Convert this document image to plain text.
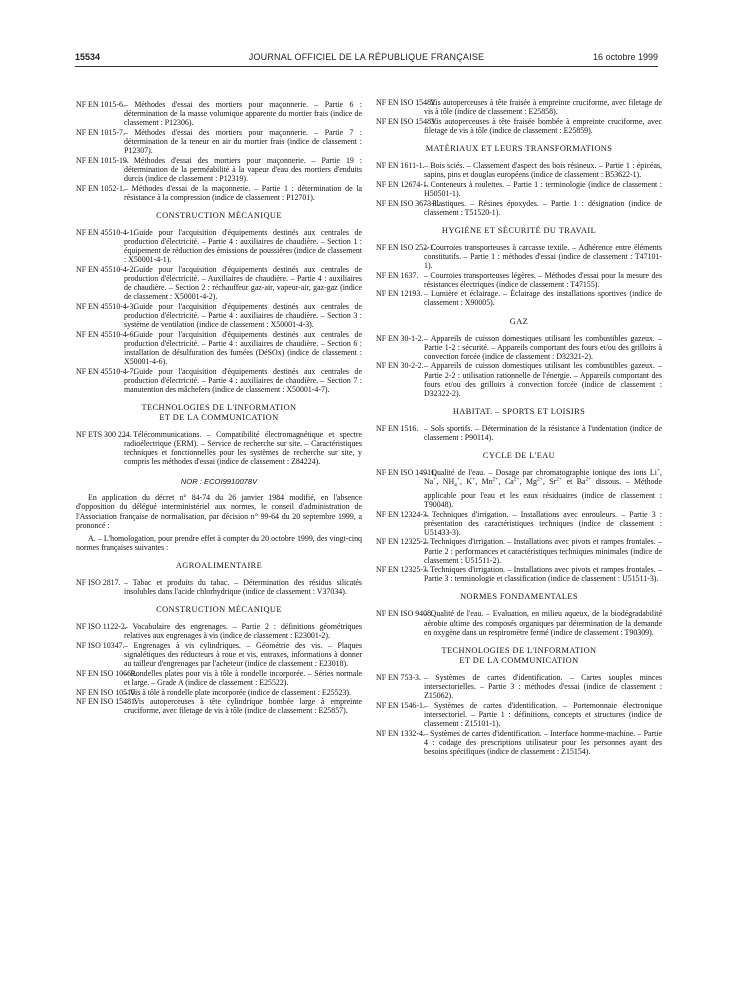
15534	JOURNAL OFFICIEL DE LA RÉPUBLIQUE FRANÇAISE	16 octobre 1999
NF EN 1015-6. – Méthodes d'essai des mortiers pour maçonnerie. – Partie 6 : détermination de la masse volumique apparente du mortier frais (indice de classement : P12306).
NF EN 1015-7. – Méthodes d'essai des mortiers pour maçonnerie. – Partie 7 : détermination de la teneur en air du mortier frais (indice de classement : P12307).
NF EN 1015-19.
– Méthodes d'essai des mortiers pour maçonnerie. – Partie 19 : détermination de la perméabilité à la vapeur d'eau des mortiers d'enduits durcis (indice de classement : P12319).
NF EN 1052-1. – Méthodes d'essai de la maçonnerie. – Partie 1 : détermination de la résistance à la compression (indice de classement : P12701).
CONSTRUCTION MÉCANIQUE
NF EN 45510-4-1.
– Guide pour l'acquisition d'équipements destinés aux centrales de production d'électricité. – Partie 4 : auxiliaires de chaudière. – Section 1 : équipement de réduction des émissions de poussières (indice de classement : X50001-4-1).
NF EN 45510-4-2.
– Guide pour l'acquisition d'équipements destinés aux centrales de production d'électricité. – Auxiliaires de chaudière. – Partie 4 : auxiliaires de chaudière. – Section 2 : réchauffeur gaz-air, vapeur-air, gaz-gaz (indice de classement : X50001-4-2).
NF EN 45510-4-3.
– Guide pour l'acquisition d'équipements destinés aux centrales de production d'électricité. – Partie 4 : auxiliaires de chaudière. – Section 3 : système de ventilation (indice de classement : X50001-4-3).
NF EN 45510-4-6.
– Guide pour l'acquisition d'équipements destinés aux centrales de production d'électricité. – Partie 4 : auxiliaires de chaudière. – Section 6 : installation de désulfuration des fumées (DéSOx) (indice de classement : X50001-4-6).
NF EN 45510-4-7.
– Guide pour l'acquisition d'équipements destinés aux centrales de production d'électricité. – Partie 4 : auxiliaires de chaudière. – Section 7 : manutention des mâchefers (indice de classement : X50001-4-7).
TECHNOLOGIES DE L'INFORMATION
ET DE LA COMMUNICATION
NF ETS 300 224.
– Télécommunications. – Compatibilité électromagnétique et spectre radioélectrique (ERM). – Service de recherche sur site. – Caractéristiques techniques et fonctionnelles pour les systèmes de recherche sur site, y compris les méthodes d'essai (indice de classement : Z84224).
NOR : ECOI9910078V

En application du décret n° 84-74 du 26 janvier 1984 modifié, en l'absence d'opposition du délégué interministériel aux normes, le conseil d'administration de l'Association française de normalisation, par décision n° 99-64 du 20 septembre 1999, a prononcé :

A. – L'homologation, pour prendre effet à compter du 20 octobre 1999, des vingt-cinq normes françaises suivantes :

AGROALIMENTAIRE
NF ISO 2817. – Tabac et produits du tabac. – Détermination des résidus silicatés insolubles dans l'acide chlorhydrique (indice de classement : V37034).
CONSTRUCTION MÉCANIQUE
NF ISO 1122-2.
– Vocabulaire des engrenages. – Partie 2 : définitions géométriques relatives aux engrenages à vis (indice de classement : E23001-2).
NF ISO 10347. – Engrenages à vis cylindriques. – Géométrie des vis. – Plaques signalétiques des réducteurs à roue et vis, entraxes, informations à donner au tailleur d'engrenages par l'acheteur (indice de classement : E23018).
NF EN ISO 10669.
– Rondelles plates pour vis à tôle à rondelle incorporée. – Séries normale et large. – Grade A (indice de classement : E25522).
NF EN ISO 10510.
– Vis à tôle à rondelle plate incorporée (indice de classement : E25523).
NF EN ISO 15481.
– Vis autoperceuses à tête cylindrique bombée large à empreinte cruciforme, avec filetage de vis à tôle (indice de classement : E25857).
NF EN ISO 15482.
– Vis autoperceuses à tête fraisée à empreinte cruciforme, avec filetage de vis à tôle (indice de classement : E25858).
NF EN ISO 15483.
– Vis autoperceuses à tête fraisée bombée à empreinte cruciforme, avec filetage de vis à tôle (indice de classement : E25859).
MATÉRIAUX ET LEURS TRANSFORMATIONS
NF EN 1611-1. – Bois sciés. – Classement d'aspect des bois résineux. – Partie 1 : épicéas, sapins, pins et douglas européens (indice de classement : B53622-1).
NF EN 12674-1.
– Conteneurs à roulettes. – Partie 1 : terminologie (indice de classement : H50501-1).
NF EN ISO 3673-1.
– Plastiques. – Résines époxydes. – Partie 1 : désignation (indice de classement : T51520-1).
HYGIÈNE ET SÉCURITÉ DU TRAVAIL
NF EN ISO 252-1.
– Courroies transporteuses à carcasse textile. – Adhérence entre éléments constitutifs. – Partie 1 : méthodes d'essai (indice de classement : T47101-1).
NF EN 1637. – Courroies transporteuses légères. – Méthodes d'essai pour la mesure des résistances électriques (indice de classement : T47155).
NF EN 12193. – Lumière et éclairage. – Éclairage des installations sportives (indice de classement : X90005).
GAZ
NF EN 30-1-2. – Appareils de cuisson domestiques utilisant les combustibles gazeux. – Partie 1-2 : sécurité. – Appareils comportant des fours et/ou des grilloirs à convection forcée (indice de classement : D32321-2).
NF EN 30-2-2. – Appareils de cuisson domestiques utilisant les combustibles gazeux. – Partie 2-2 : utilisation rationnelle de l'énergie. – Appareils comportant des fours et/ou des grilloirs à convection forcée (indice de classement : D32322-2).
HABITAT. – SPORTS ET LOISIRS
NF EN 1516. – Sols sportifs. – Détermination de la résistance à l'indentation (indice de classement : P90114).
CYCLE DE L'EAU
NF EN ISO 14911.
– Qualité de l'eau. – Dosage par chromatographie ionique des ions Li+, Na+, $NH_4^+$, K+, $Mn^{2+}$, $Ca^{2+}$, $Mg^{2+}$, $Sr^{2+}$ et $Ba^{2+}$ dissous. – Méthode applicable pour l'eau et les eaux résiduaires (indice de classement : T90048).
NF EN 12324-3.
– Techniques d'irrigation. – Installations avec enrouleurs. – Partie 3 : présentation des caractéristiques techniques (indice de classement : U51433-3).
NF EN 12325-2.
– Techniques d'irrigation. – Installations avec pivots et rampes frontales. – Partie 2 : performances et caractéristiques techniques minimales (indice de classement : U51511-2).
NF EN 12325-3.
– Techniques d'irrigation. – Installations avec pivots et rampes frontales. – Partie 3 : terminologie et classification (indice de classement : U51511-3).
NORMES FONDAMENTALES
NF EN ISO 9408.
– Qualité de l'eau. – Evaluation, en milieu aqueux, de la biodégradabilité aérobie ultime des composés organiques par détermination de la demande en oxygène dans un respiromètre fermé (indice de classement : T90309).
TECHNOLOGIES DE L'INFORMATION
ET DE LA COMMUNICATION
NF EN 753-3. – Systèmes de cartes d'identification. – Cartes souples minces intersectorielles. – Partie 3 : méthodes d'essai (indice de classement : Z15062).
NF EN 1546-1. – Systèmes de cartes d'identification. – Portemonnaie électronique intersectoriel. – Partie 1 : définitions, concepts et structures (indice de classement : Z15101-1).
NF EN 1332-4. – Systèmes de cartes d'identification. – Interface homme-machine. – Partie 4 : codage des prescriptions utilisateur pour les personnes ayant des besoins spécifiques (indice de classement : Z15154).
